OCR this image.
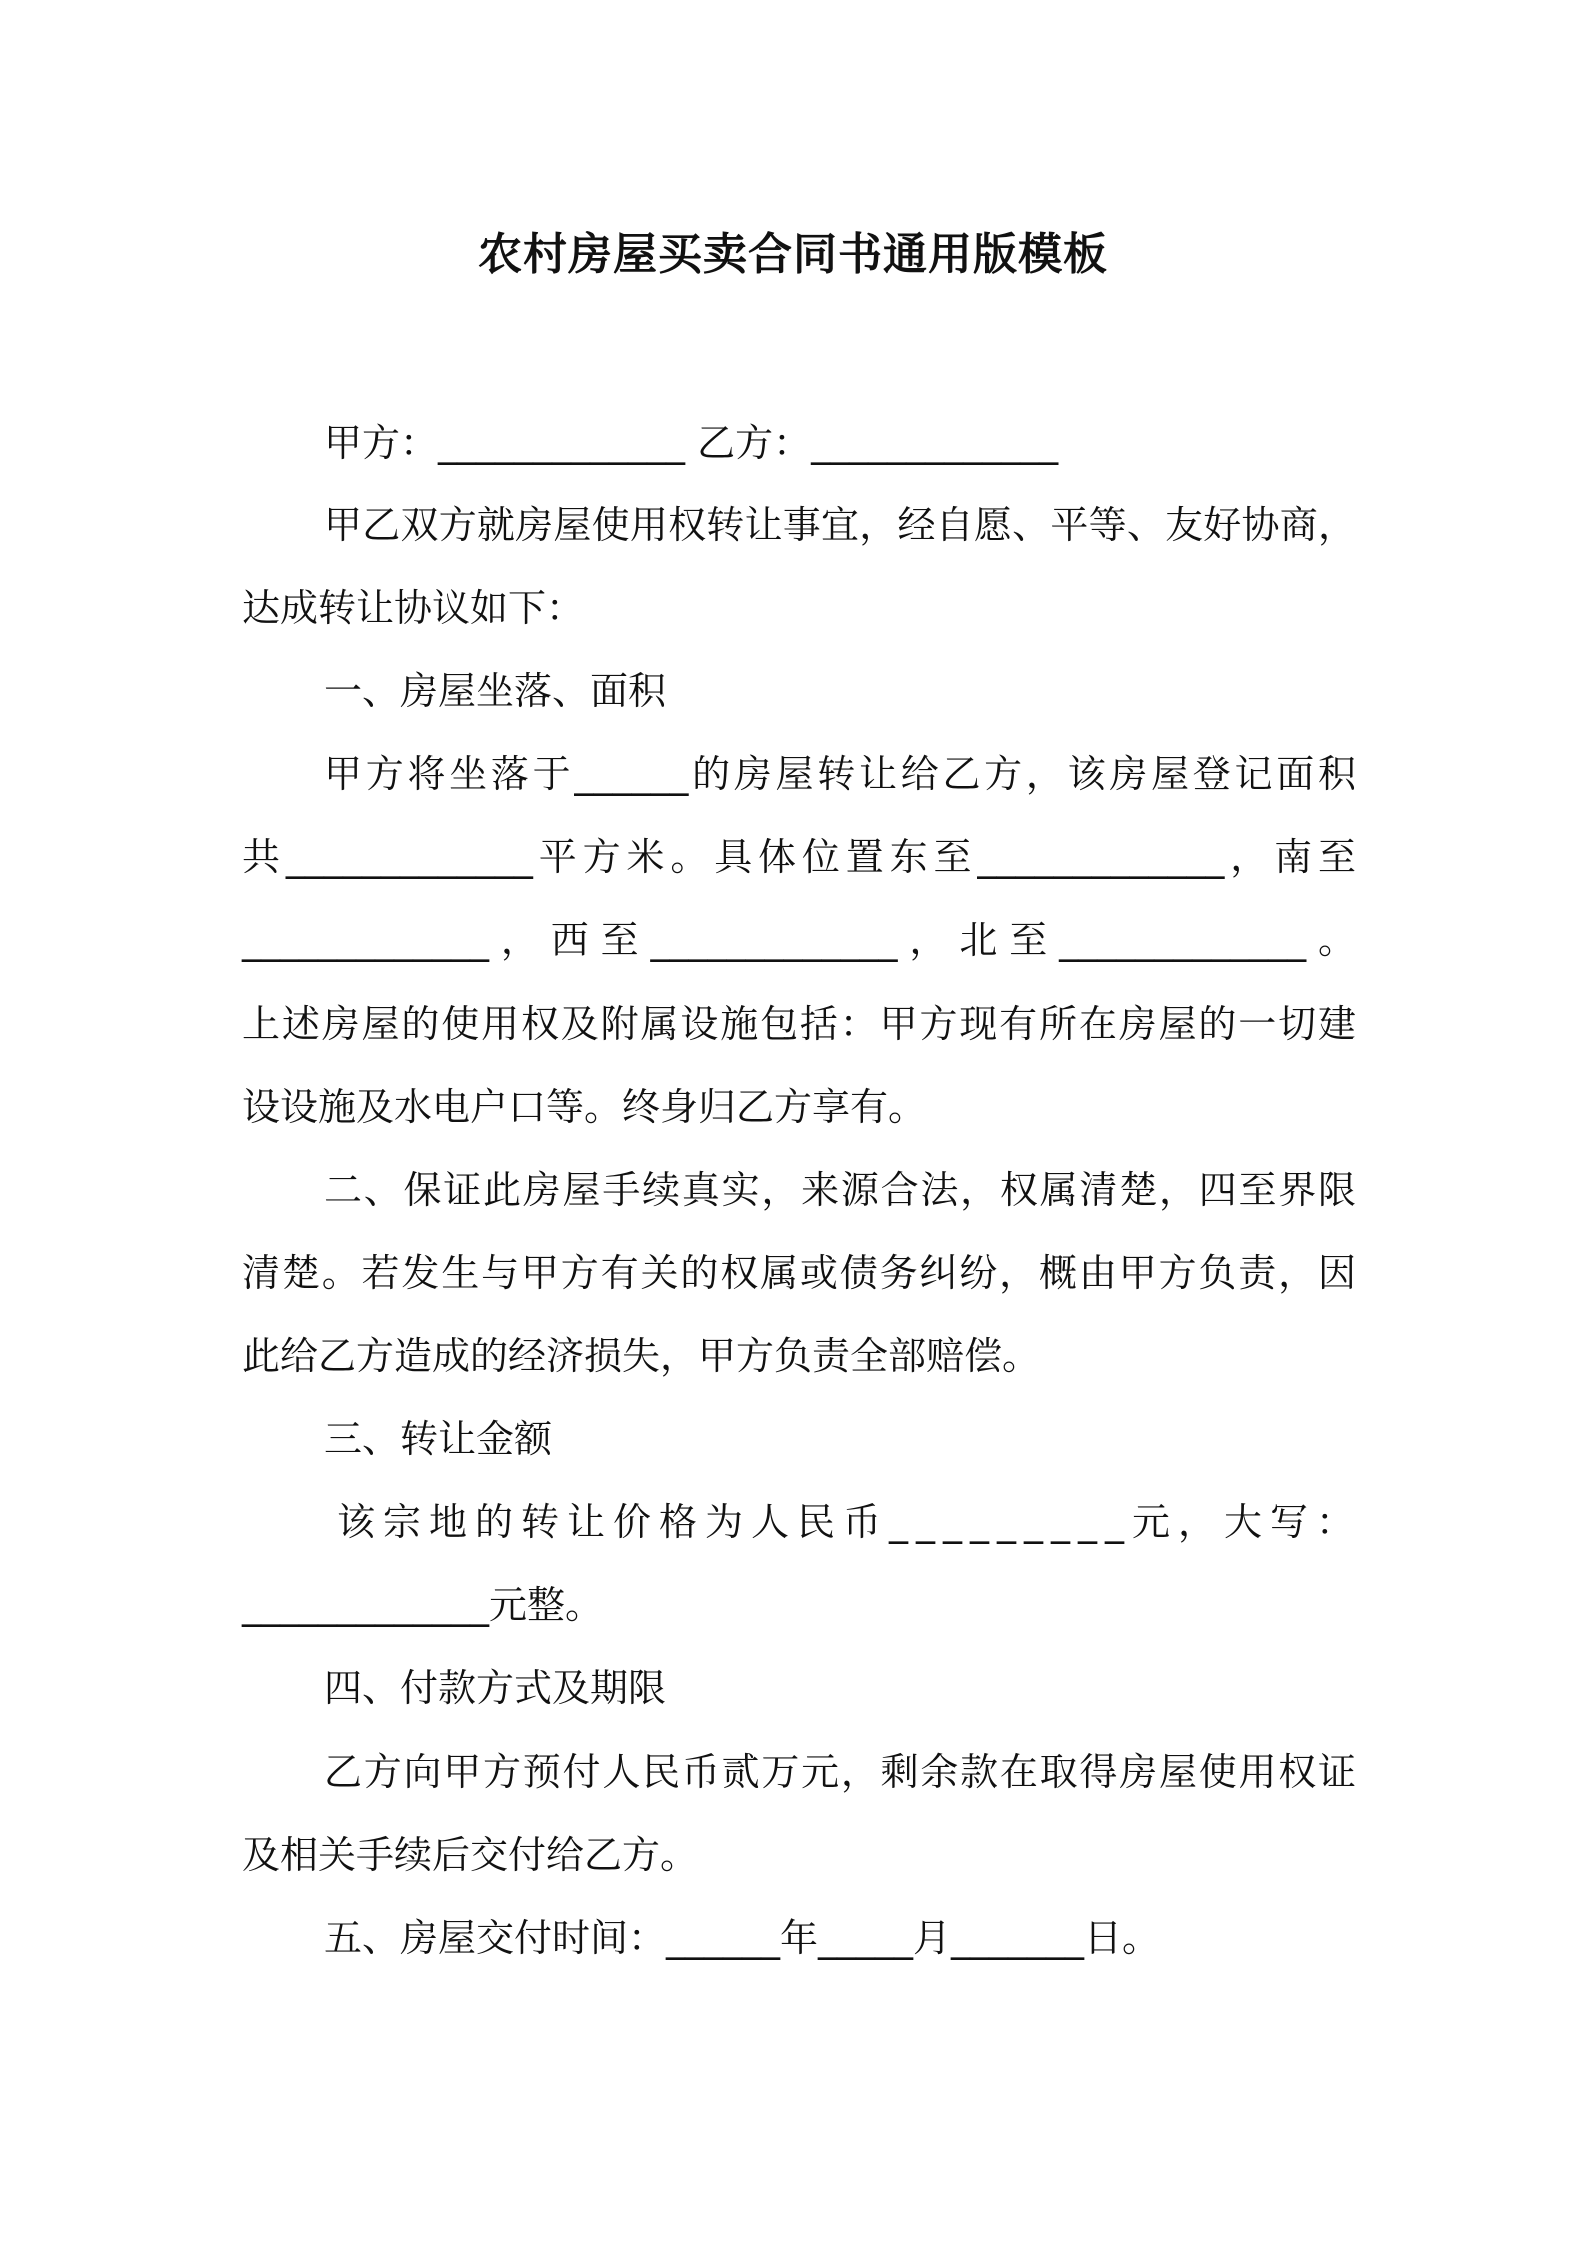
农村房屋买卖合同书通用版模板
甲方：_____________ 乙方：_____________
甲乙双方就房屋使用权转让事宜，经自愿、平等、友好协商，
达成转让协议如下：
一、房屋坐落、面积
甲方将坐落于______的房屋转让给乙方，该房屋登记面积
共_____________平方米。具体位置东至_____________，南至
_____________，西至_____________，北至_____________。
上述房屋的使用权及附属设施包括：甲方现有所在房屋的一切建
设设施及水电户口等。终身归乙方享有。
二、保证此房屋手续真实，来源合法，权属清楚，四至界限
清楚。若发生与甲方有关的权属或债务纠纷，概由甲方负责，因
此给乙方造成的经济损失，甲方负责全部赔偿。
三、转让金额
该宗地的转让价格为人民币_________元，大写：
_____________元整。
四、付款方式及期限
乙方向甲方预付人民币贰万元，剩余款在取得房屋使用权证
及相关手续后交付给乙方。
五、房屋交付时间：______年_____月_______日。
